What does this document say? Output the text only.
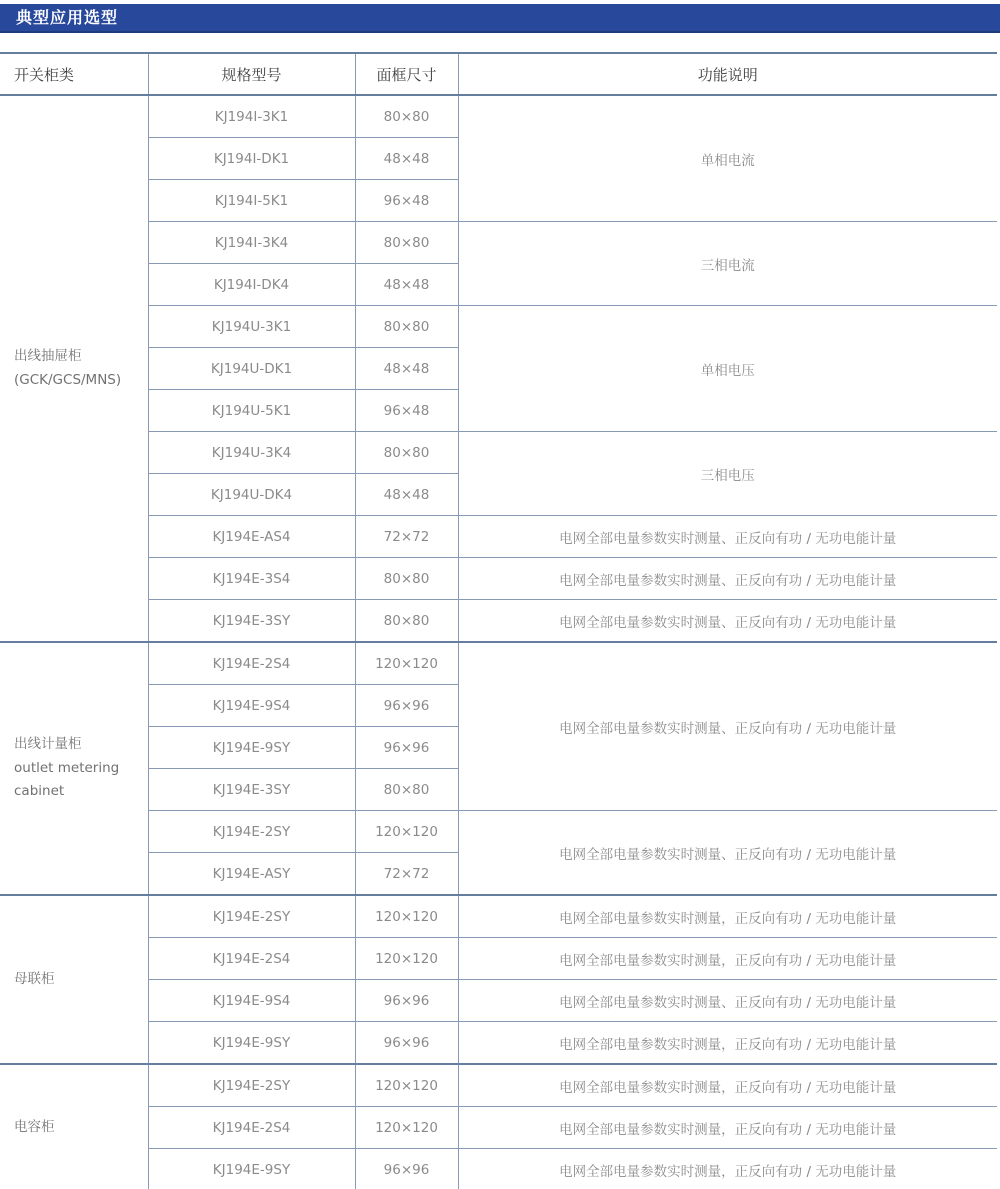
典型应用选型
开关柜类	规格型号	面框尺寸	功能说明

出线抽屉柜
(GCK/GCS/MNS)	KJ194I-3K1	80×80	单相电流
	KJ194I-DK1	48×48	
	KJ194I-5K1	96×48	
	KJ194I-3K4	80×80	三相电流
	KJ194I-DK4	48×48	
	KJ194U-3K1	80×80	单相电压
	KJ194U-DK1	48×48	
	KJ194U-5K1	96×48	
	KJ194U-3K4	80×80	三相电压
	KJ194U-DK4	48×48	
	KJ194E-AS4	72×72	电网全部电量参数实时测量、正反向有功 / 无功电能计量
	KJ194E-3S4	80×80	电网全部电量参数实时测量、正反向有功 / 无功电能计量
	KJ194E-3SY	80×80	电网全部电量参数实时测量、正反向有功 / 无功电能计量

出线计量柜
outlet metering
cabinet	KJ194E-2S4	120×120	电网全部电量参数实时测量、正反向有功 / 无功电能计量
	KJ194E-9S4	96×96	
	KJ194E-9SY	96×96	
	KJ194E-3SY	80×80	
	KJ194E-2SY	120×120	电网全部电量参数实时测量、正反向有功 / 无功电能计量
	KJ194E-ASY	72×72	

母联柜	KJ194E-2SY	120×120	电网全部电量参数实时测量，正反向有功 / 无功电能计量
	KJ194E-2S4	120×120	电网全部电量参数实时测量，正反向有功 / 无功电能计量
	KJ194E-9S4	96×96	电网全部电量参数实时测量、正反向有功 / 无功电能计量
	KJ194E-9SY	96×96	电网全部电量参数实时测量，正反向有功 / 无功电能计量

电容柜	KJ194E-2SY	120×120	电网全部电量参数实时测量，正反向有功 / 无功电能计量
	KJ194E-2S4	120×120	电网全部电量参数实时测量，正反向有功 / 无功电能计量
	KJ194E-9SY	96×96	电网全部电量参数实时测量，正反向有功 / 无功电能计量
